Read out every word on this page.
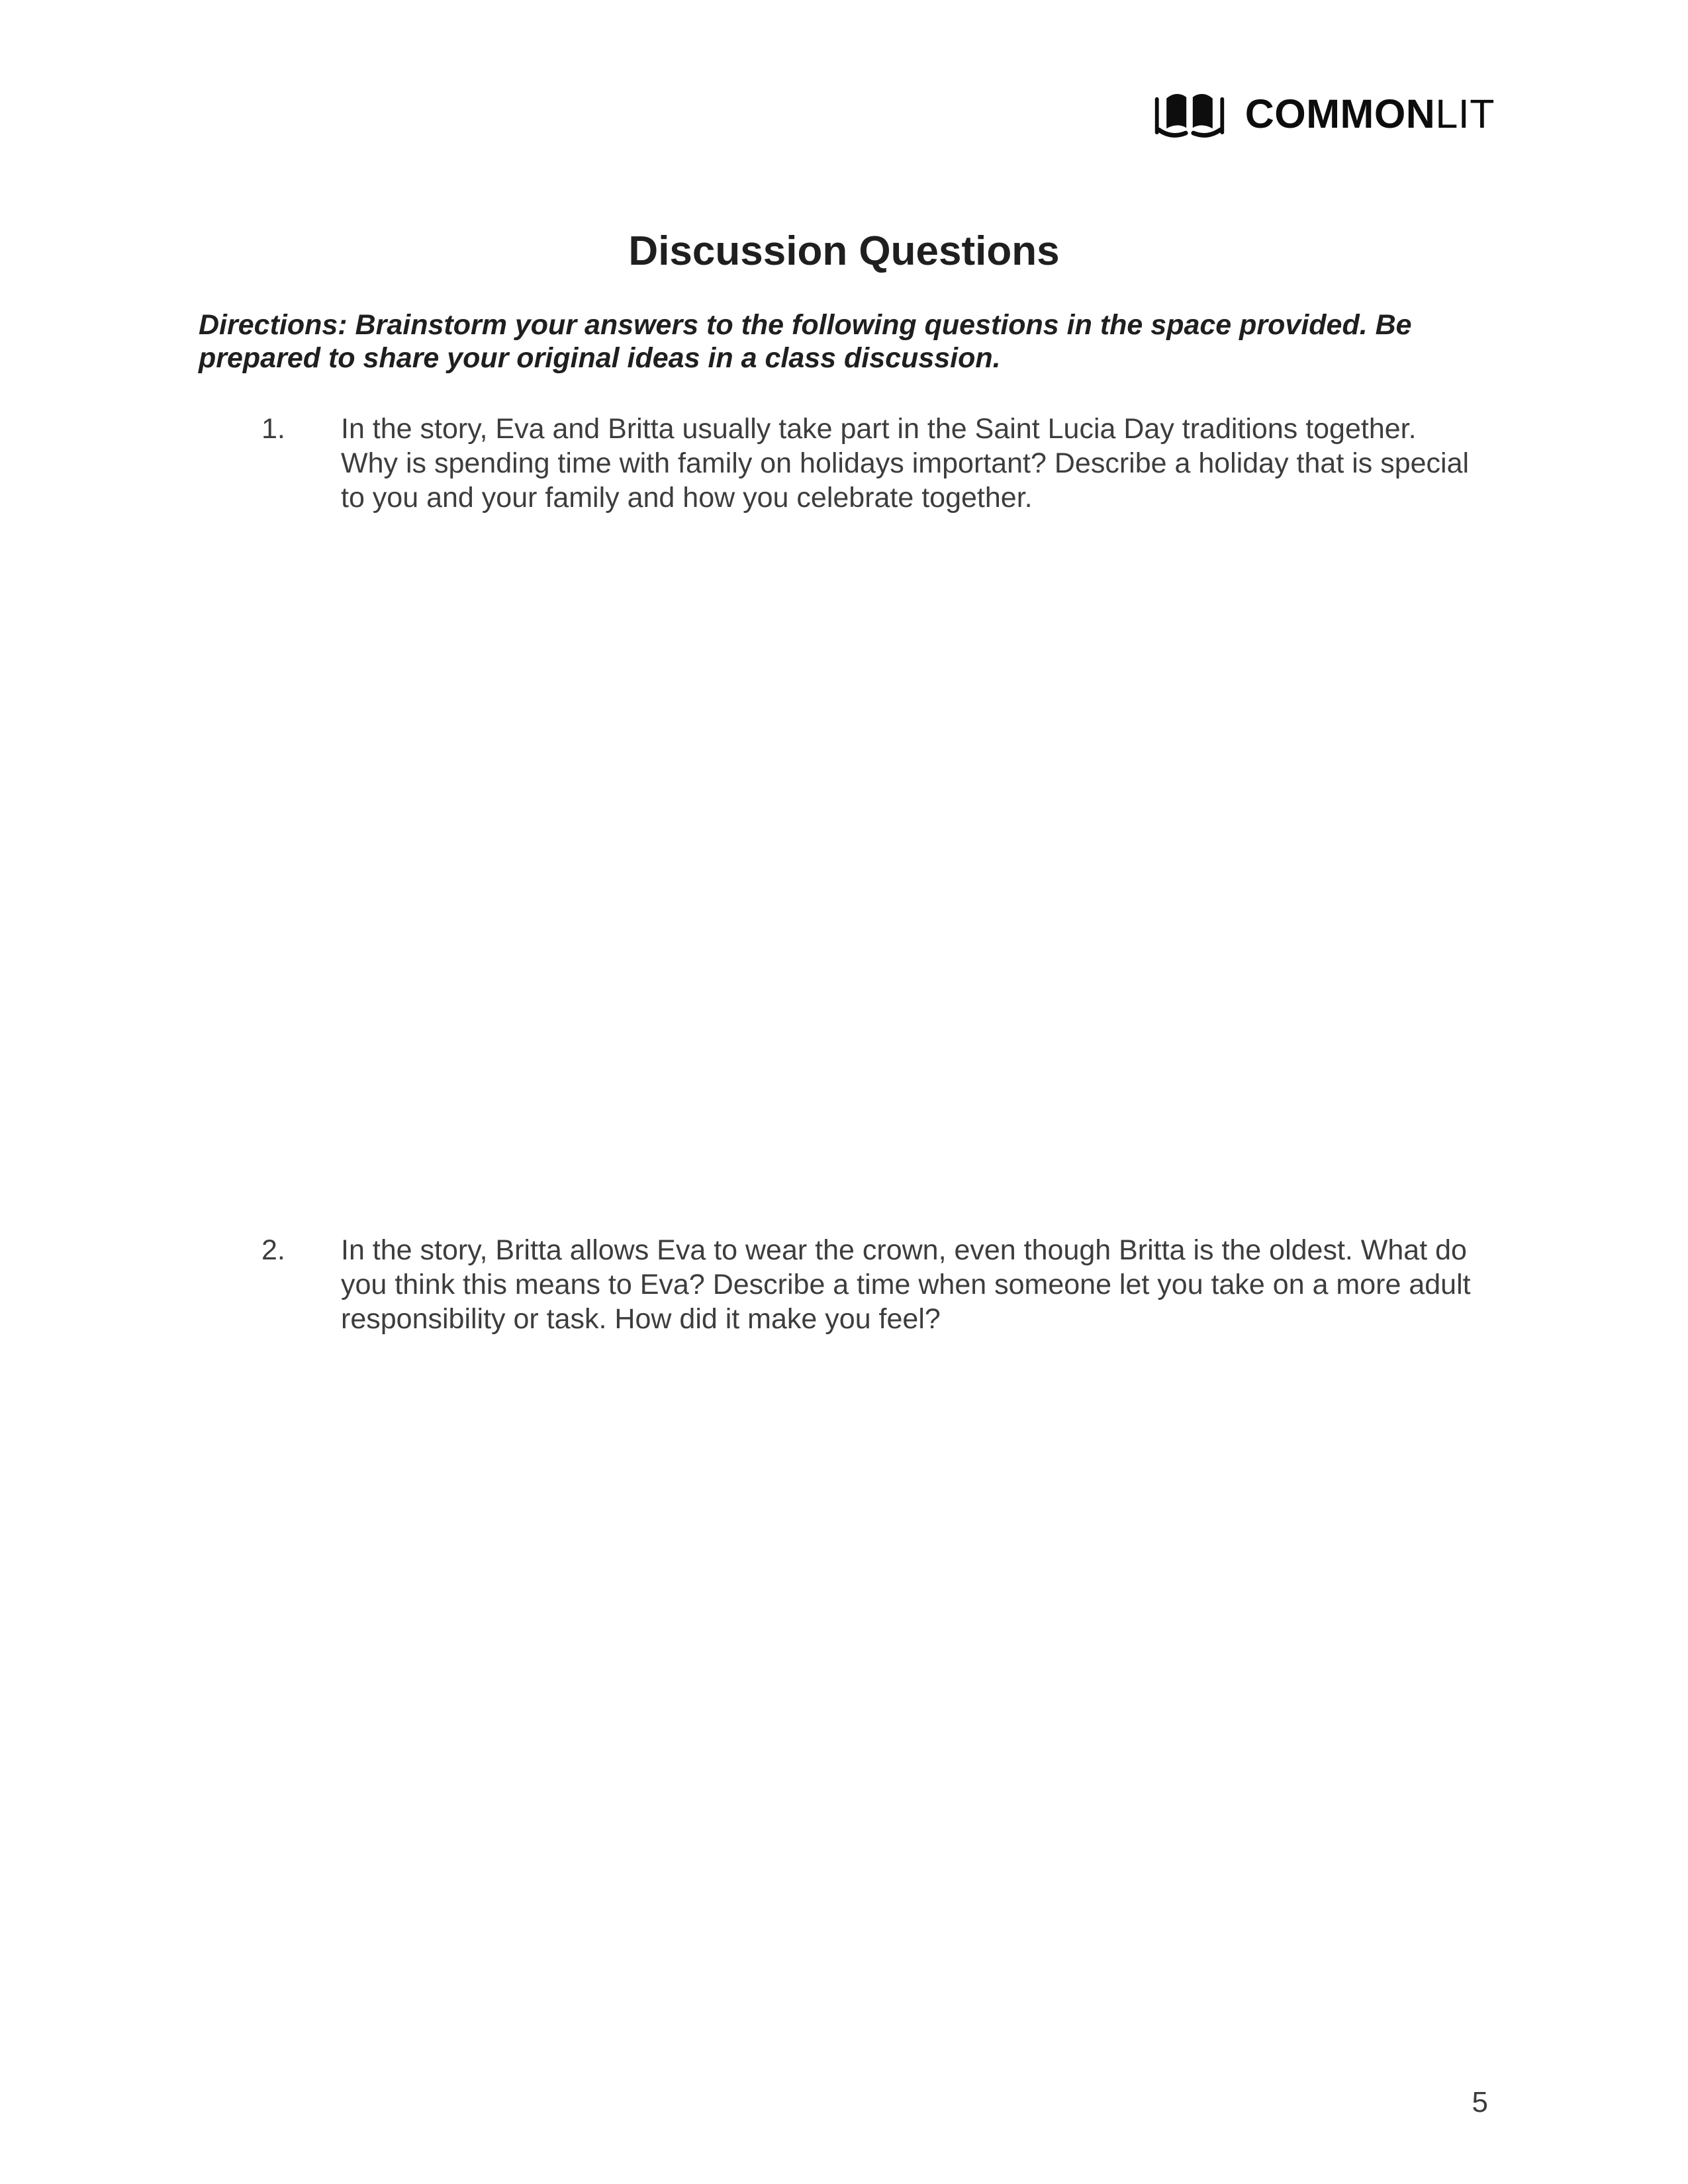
COMMONLIT
Discussion Questions

Directions: Brainstorm your answers to the following questions in the space provided. Be prepared to share your original ideas in a class discussion.

1.	In the story, Eva and Britta usually take part in the Saint Lucia Day traditions together. Why is spending time with family on holidays important? Describe a holiday that is special to you and your family and how you celebrate together.
2.	In the story, Britta allows Eva to wear the crown, even though Britta is the oldest. What do you think this means to Eva? Describe a time when someone let you take on a more adult responsibility or task. How did it make you feel?
5
